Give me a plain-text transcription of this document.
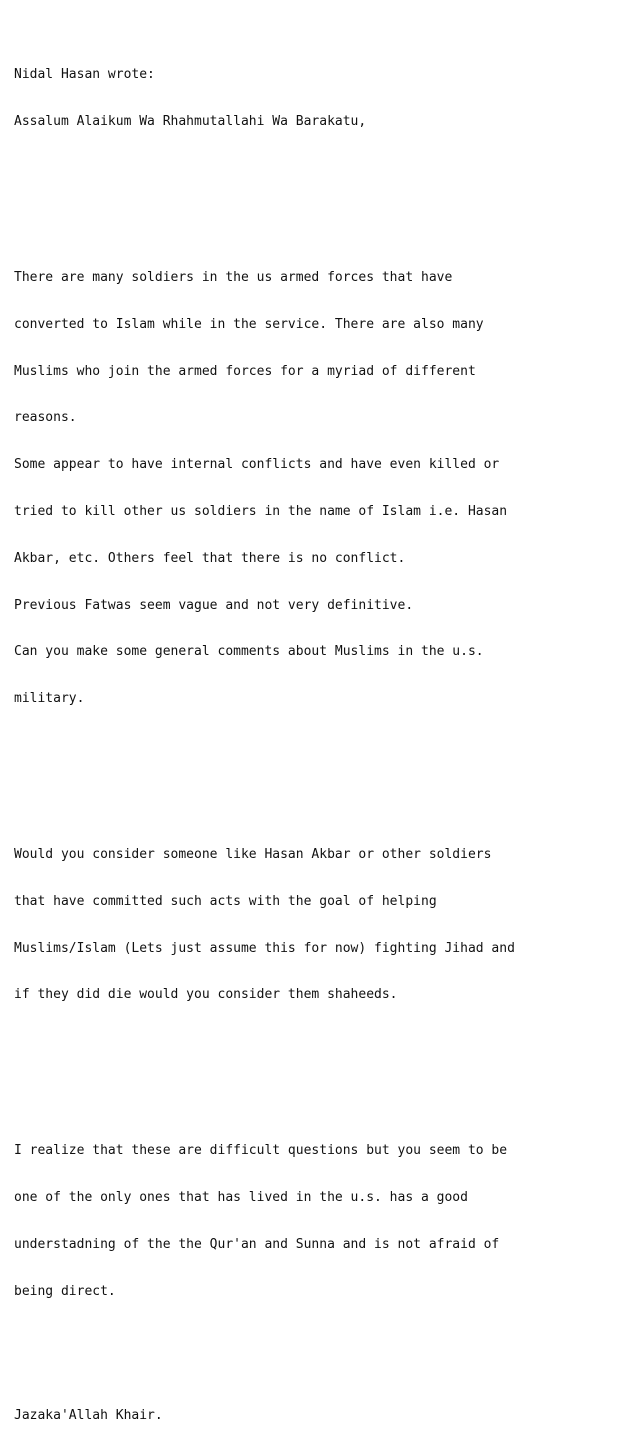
Nidal Hasan wrote:

Assalum Alaikum Wa Rhahmutallahi Wa Barakatu,

There are many soldiers in the us armed forces that have

converted to Islam while in the service. There are also many

Muslims who join the armed forces for a myriad of different

reasons.

Some appear to have internal conflicts and have even killed or

tried to kill other us soldiers in the name of Islam i.e. Hasan

Akbar, etc. Others feel that there is no conflict.

Previous Fatwas seem vague and not very definitive.

Can you make some general comments about Muslims in the u.s.

military.

Would you consider someone like Hasan Akbar or other soldiers

that have committed such acts with the goal of helping

Muslims/Islam (Lets just assume this for now) fighting Jihad and

if they did die would you consider them shaheeds.

I realize that these are difficult questions but you seem to be

one of the only ones that has lived in the u.s. has a good

understadning of the the Qur'an and Sunna and is not afraid of

being direct.

Jazaka'Allah Khair.
